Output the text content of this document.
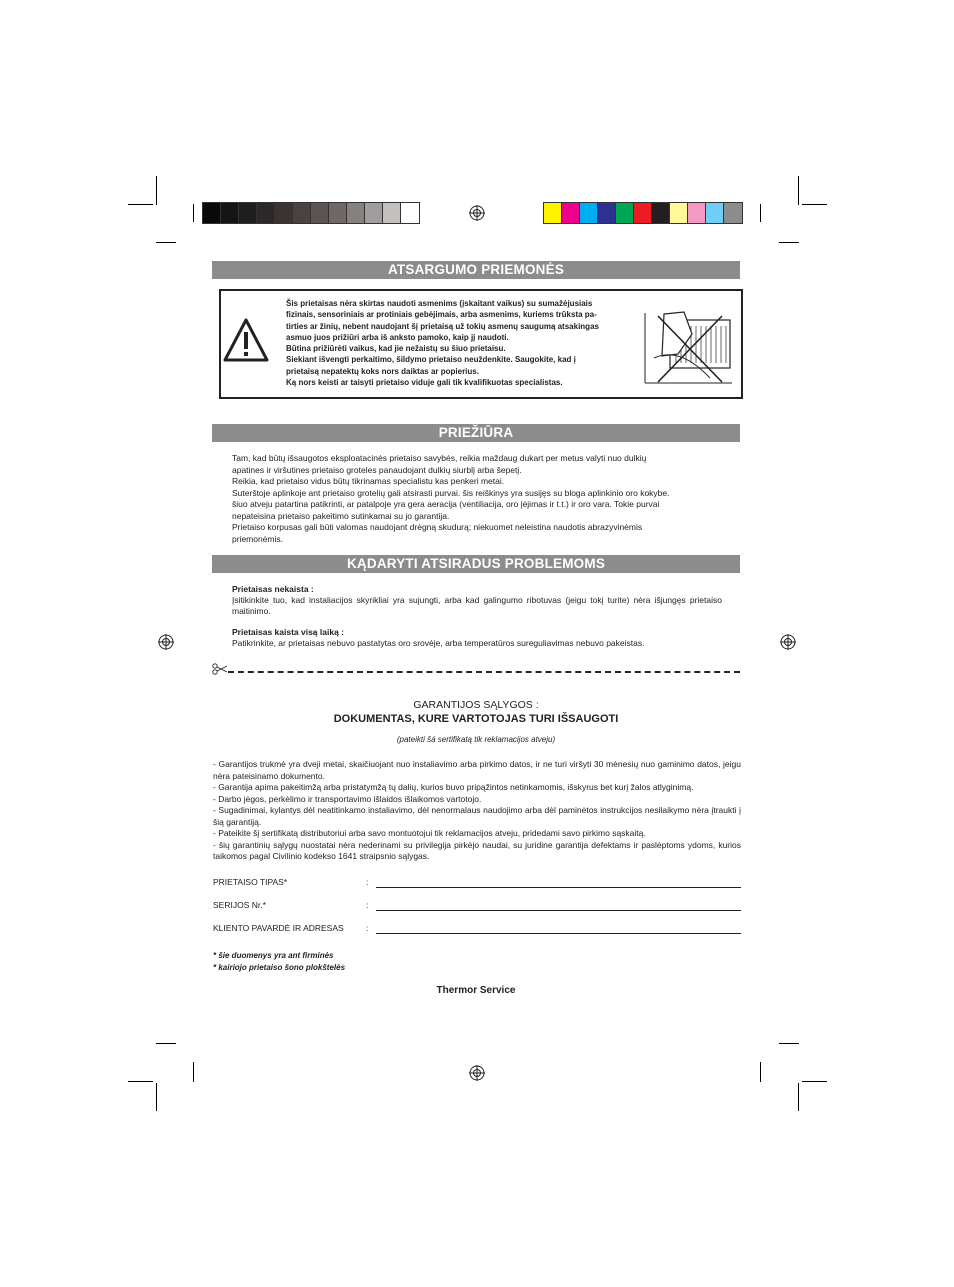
ATSARGUMO PRIEMONĖS
Šis prietaisas nėra skirtas naudoti asmenims (įskaitant vaikus) su sumažėjusiais
fizinais, sensoriniais ar protiniais gebėjimais, arba asmenims, kuriems trūksta pa-
tirties ar žinių, nebent naudojant šį prietaisą už tokių asmenų saugumą atsakingas
asmuo juos prižiūri arba iš anksto pamoko, kaip jį naudoti.
Būtina prižiūrėti vaikus, kad jie nežaistų su šiuo prietaisu.
Siekiant išvengti perkaitimo, šildymo prietaiso neuždenkite. Saugokite, kad į
prietaisą nepatektų koks nors daiktas ar popierius.
Ką nors keisti ar taisyti prietaiso viduje gali tik kvalifikuotas specialistas.
PRIEŽIŪRA

Tam, kad būtų išsaugotos eksploatacinės prietaiso savybės, reikia maždaug dukart per metus valyti nuo dulkių

apatines ir viršutines prietaiso groteles panaudojant dulkių siurblį arba šepetį.

Reikia, kad prietaiso vidus būtų tikrinamas specialistu kas penkeri metai.

Suterštoje aplinkoje ant prietaiso grotelių gali atsirasti purvai. šis reiškinys yra susijęs su bloga aplinkinio oro kokybe.

šiuo atveju patartina patikrinti, ar patalpoje yra gera aeracija (ventiliacija, oro įėjimas ir t.t.) ir oro vara. Tokie purvai

nepateisina prietaiso pakeitimo sutinkamai su jo garantija.

Prietaiso korpusas gali būti valomas naudojant drėgną skudurą; niekuomet neleistina naudotis abrazyvinėmis

priemonėmis.

KĄDARYTI ATSIRADUS PROBLEMOMS
Prietaisas nekaista :
Įsitikinkite tuo, kad instaliacijos skyrikliai yra sujungti, arba kad galingumo ribotuvas (jeigu tokį turite) nėra išjungęs prietaiso maitinimo.
Prietaisas kaista visą laiką :
Patikrinkite, ar prietaisas nebuvo pastatytas oro srovėje, arba temperatūros sureguliavimas nebuvo pakeistas.
GARANTIJOS SĄLYGOS :
DOKUMENTAS, KURE VARTOTOJAS TURI IŠSAUGOTI
(pateikti šá sertifikatą tik reklamacijos atveju)

- Garantijos trukmė yra dveji metai, skaičiuojant nuo instaliavimo arba pirkimo datos, ir ne turi viršyti 30 mėnesių nuo gaminimo datos, jeigu nėra pateisinamo dokumento.

- Garantija apima pakeitimžą arba pristatymžą tų dalių, kurios buvo pripąžintos netinkamomis, išskyrus bet kurį žalos atlyginimą.

- Darbo jėgos, perkėlimo ir transportavimo išlaidos išlaikomos vartotojo.

- Sugadinimai, kylantys dėl neatitinkamo instaliavimo, dėl nenormalaus naudojimo arba dėl paminėtos instrukcijos nesilaikymo nėra įtraukti į šią garantiją.

- Pateikite šį sertifikatą distributoriui arba savo montuotojui tik reklamacijos atveju, pridedami savo pirkimo sąskaitą.

- šių garantinių sąlygų nuostatai nėra nederinami su privilegija pirkėjo naudai, su juridine garantija defektams ir paslėptoms ydoms, kurios taikomos pagal Civilinio kodekso 1641 straipsnio sąlygas.

PRIETAISO TIPAS*	:
SERIJOS Nr.*	:
KLIENTO PAVARDĖ IR ADRESAS	:
* šie duomenys yra ant firminės
* kairiojo prietaiso šono plokštelės
Thermor Service
